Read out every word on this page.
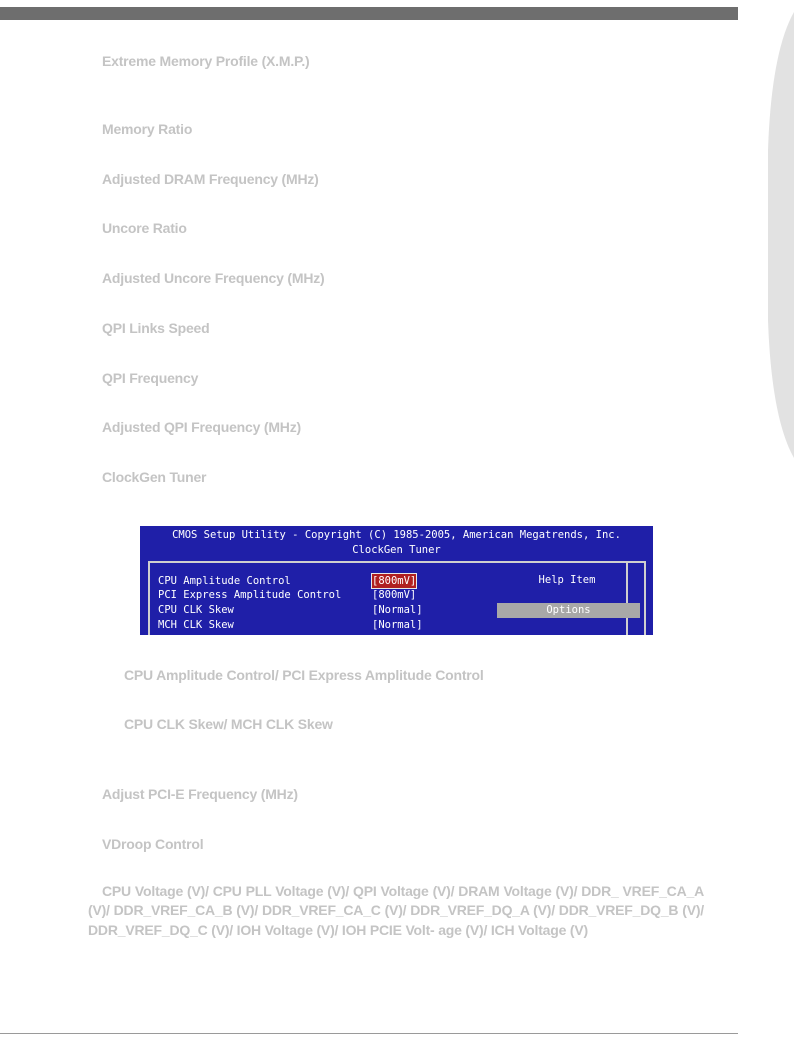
Extreme Memory Profile (X.M.P.)
Memory Ratio
Adjusted DRAM Frequency (MHz)
Uncore Ratio
Adjusted Uncore Frequency (MHz)
QPI Links Speed
QPI Frequency
Adjusted QPI Frequency (MHz)
ClockGen Tuner
CMOS Setup Utility - Copyright (C) 1985-2005, American Megatrends, Inc.
ClockGen Tuner
CPU Amplitude Control	[800mV]
PCI Express Amplitude Control	[800mV]
CPU CLK Skew	[Normal]
MCH CLK Skew	[Normal]
Help Item
Options
CPU Amplitude Control/ PCI Express Amplitude Control
CPU CLK Skew/ MCH CLK Skew
Adjust PCI-E Frequency (MHz)
VDroop Control
CPU Voltage (V)/ CPU PLL Voltage (V)/ QPI Voltage (V)/ DRAM Voltage (V)/ DDR_ VREF_CA_A (V)/ DDR_VREF_CA_B (V)/ DDR_VREF_CA_C (V)/ DDR_VREF_DQ_A (V)/ DDR_VREF_DQ_B (V)/ DDR_VREF_DQ_C (V)/ IOH Voltage (V)/ IOH PCIE Volt- age (V)/ ICH Voltage (V)
